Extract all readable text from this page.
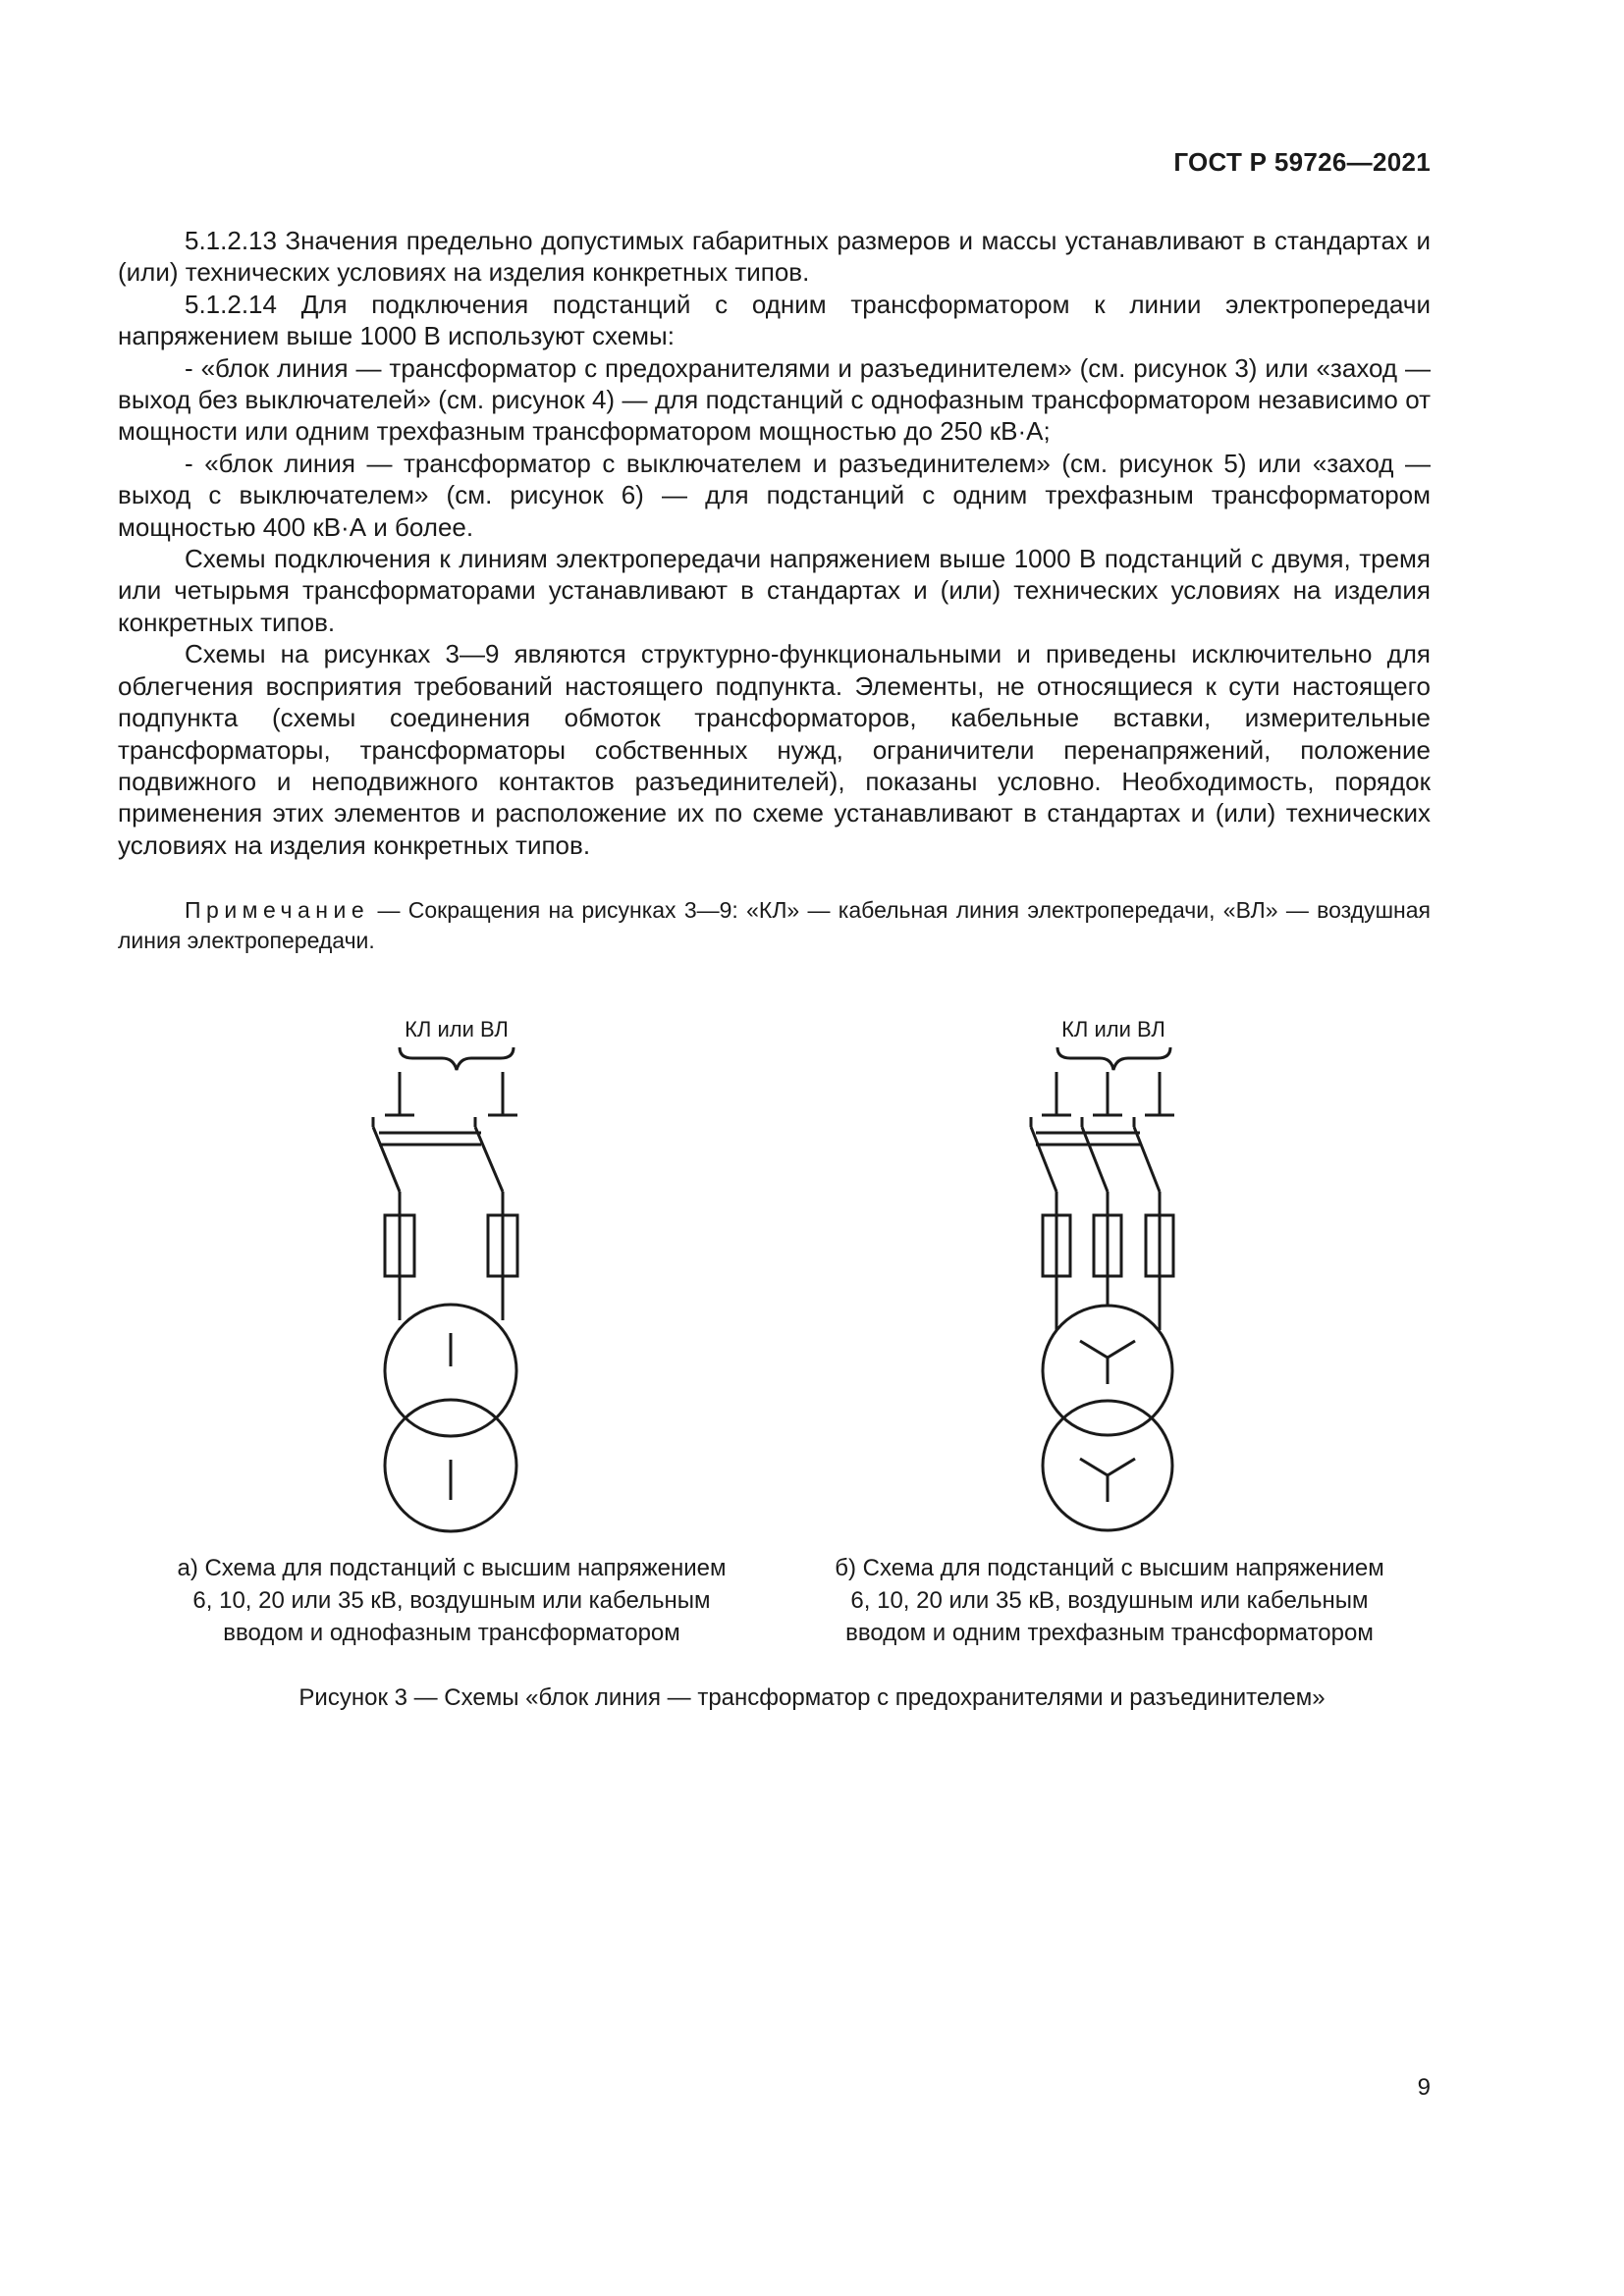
ГОСТ Р 59726—2021

5.1.2.13 Значения предельно допустимых габаритных размеров и массы устанавливают в стандартах и (или) технических условиях на изделия конкретных типов.

5.1.2.14 Для подключения подстанций с одним трансформатором к линии электропередачи напряжением выше 1000 В используют схемы:

- «блок линия — трансформатор с предохранителями и разъединителем» (см. рисунок 3) или «заход — выход без выключателей» (см. рисунок 4) — для подстанций с однофазным трансформатором независимо от мощности или одним трехфазным трансформатором мощностью до 250 кВ·А;

- «блок линия — трансформатор с выключателем и разъединителем» (см. рисунок 5) или «заход — выход с выключателем» (см. рисунок 6) — для подстанций с одним трехфазным трансформатором мощностью 400 кВ·А и более.

Схемы подключения к линиям электропередачи напряжением выше 1000 В подстанций с двумя, тремя или четырьмя трансформаторами устанавливают в стандартах и (или) технических условиях на изделия конкретных типов.

Схемы на рисунках 3—9 являются структурно-функциональными и приведены исключительно для облегчения восприятия требований настоящего подпункта. Элементы, не относящиеся к сути настоящего подпункта (схемы соединения обмоток трансформаторов, кабельные вставки, измерительные трансформаторы, трансформаторы собственных нужд, ограничители перенапряжений, положение подвижного и неподвижного контактов разъединителей), показаны условно. Необходимость, порядок применения этих элементов и расположение их по схеме устанавливают в стандартах и (или) технических условиях на изделия конкретных типов.

Примечание — Сокращения на рисунках 3—9: «КЛ» — кабельная линия электропередачи, «ВЛ» — воздушная линия электропередачи.

КЛ или ВЛ	КЛ или ВЛ
а) Схема для подстанций с высшим напряжением
6, 10, 20 или 35 кВ, воздушным или кабельным
вводом и однофазным трансформатором
б) Схема для подстанций с высшим напряжением
6, 10, 20 или 35 кВ, воздушным или кабельным
вводом и одним трехфазным трансформатором
Рисунок 3 — Схемы «блок линия — трансформатор с предохранителями и разъединителем»
9
